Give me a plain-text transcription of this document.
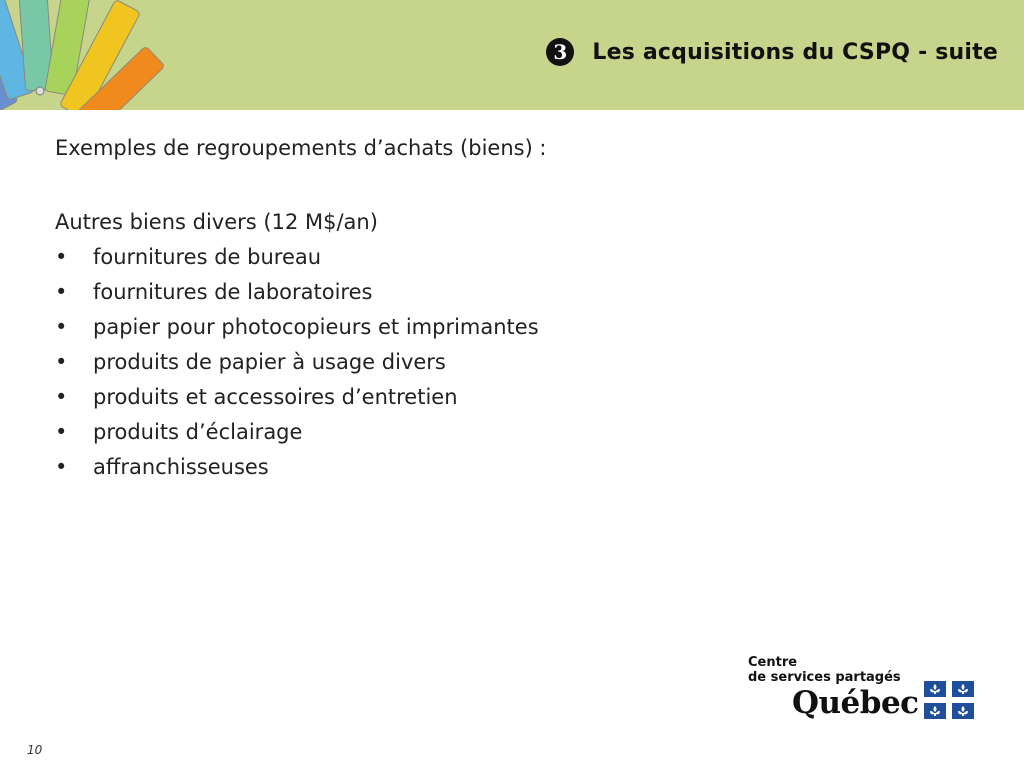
3	Les acquisitions du CSPQ - suite

Exemples de regroupements d’achats (biens) :

Autres biens divers (12 M$/an)

•	fournitures de bureau
•	fournitures de laboratoires
•	papier pour photocopieurs et imprimantes
•	produits de papier à usage divers
•	produits et accessoires d’entretien
•	produits d’éclairage
•	affranchisseuses
Centre
de services partagés
Québec
10
